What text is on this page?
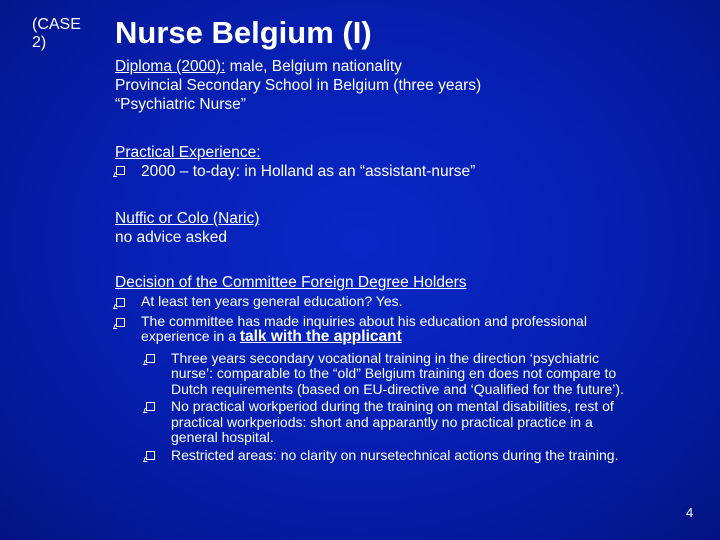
(CASE
2)	Nurse Belgium (I)
Diploma (2000): male, Belgium nationality
Provincial Secondary School in Belgium (three years)
“Psychiatric Nurse”
Practical Experience:
2000 – to-day: in Holland as an “assistant-nurse”
Nuffic or Colo (Naric)
no advice asked
Decision of the Committee Foreign Degree Holders
At least ten years general education? Yes.
The committee has made inquiries about his education and professional
experience in a talk with the applicant
Three years secondary vocational training in the direction ‘psychiatric
nurse’: comparable to the “old” Belgium training en does not compare to
Dutch requirements (based on EU-directive and ‘Qualified for the future’).
No practical workperiod during the training on mental disabilities, rest of
practical workperiods: short and apparantly no practical practice in a
general hospital.
Restricted areas: no clarity on nursetechnical actions during the training.
4
